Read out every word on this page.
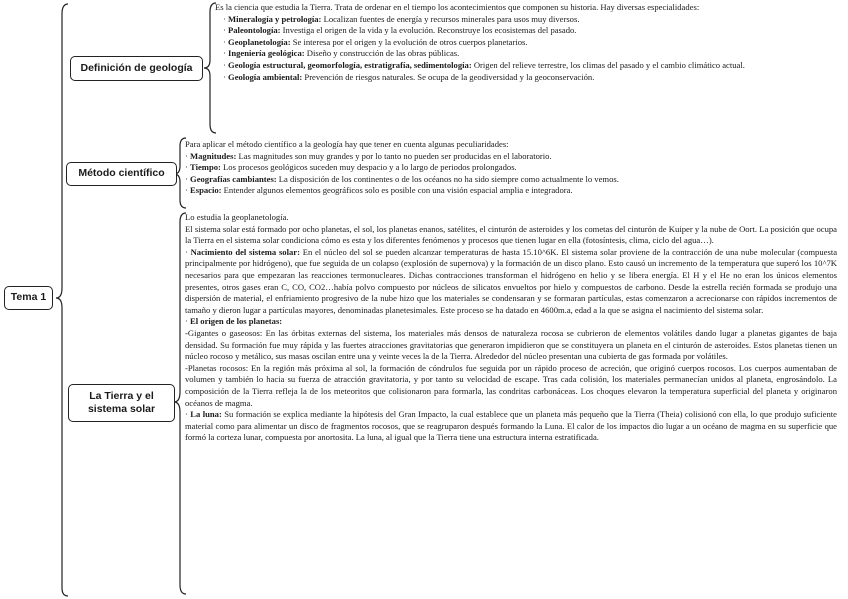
Tema 1
Definición de geología

Es la ciencia que estudia la Tierra. Trata de ordenar en el tiempo los acontecimientos que componen su historia. Hay diversas especialidades:

· Mineralogía y petrología: Localizan fuentes de energía y recursos minerales para usos muy diversos.

· Paleontología: Investiga el origen de la vida y la evolución. Reconstruye los ecosistemas del pasado.

· Geoplanetología: Se interesa por el origen y la evolución de otros cuerpos planetarios.

· Ingeniería geológica: Diseño y construcción de las obras públicas.

· Geología estructural, geomorfología, estratigrafía, sedimentología: Origen del relieve terrestre, los climas del pasado y el cambio climático actual.

· Geología ambiental: Prevención de riesgos naturales. Se ocupa de la geodiversidad y la geoconservación.

Método científico

Para aplicar el método científico a la geología hay que tener en cuenta algunas peculiaridades:

· Magnitudes: Las magnitudes son muy grandes y por lo tanto no pueden ser producidas en el laboratorio.

· Tiempo: Los procesos geológicos suceden muy despacio y a lo largo de periodos prolongados.

· Geografías cambiantes: La disposición de los continentes o de los océanos no ha sido siempre como actualmente lo vemos.

· Espacio: Entender algunos elementos geográficos solo es posible con una visión espacial amplia e integradora.

La Tierra y el sistema solar

Lo estudia la geoplanetología.

El sistema solar está formado por ocho planetas, el sol, los planetas enanos, satélites, el cinturón de asteroides y los cometas del cinturón de Kuiper y la nube de Oort. La posición que ocupa la Tierra en el sistema solar condiciona cómo es esta y los diferentes fenómenos y procesos que tienen lugar en ella (fotosíntesis, clima, ciclo del agua…).

· Nacimiento del sistema solar: En el núcleo del sol se pueden alcanzar temperaturas de hasta 15.10^6K. El sistema solar proviene de la contracción de una nube molecular (compuesta principalmente por hidrógeno), que fue seguida de un colapso (explosión de supernova) y la formación de un disco plano. Esto causó un incremento de la temperatura que superó los 10^7K necesarios para que empezaran las reacciones termonucleares. Dichas contracciones transforman el hidrógeno en helio y se libera energía. El H y el He no eran los únicos elementos presentes, otros gases eran C, CO, CO2…había polvo compuesto por núcleos de silicatos envueltos por hielo y compuestos de carbono. Desde la estrella recién formada se produjo una dispersión de material, el enfriamiento progresivo de la nube hizo que los materiales se condensaran y se formaran partículas, estas comenzaron a acrecionarse con rápidos incrementos de tamaño y dieron lugar a partículas mayores, denominadas planetesimales. Este proceso se ha datado en 4600m.a, edad a la que se asigna el nacimiento del sistema solar.

· El origen de los planetas:

-Gigantes o gaseosos: En las órbitas externas del sistema, los materiales más densos de naturaleza rocosa se cubrieron de elementos volátiles dando lugar a planetas gigantes de baja densidad. Su formación fue muy rápida y las fuertes atracciones gravitatorias que generaron impidieron que se constituyera un planeta en el cinturón de asteroides. Estos planetas tienen un núcleo rocoso y metálico, sus masas oscilan entre una y veinte veces la de la Tierra. Alrededor del núcleo presentan una cubierta de gas formada por volátiles.

-Planetas rocosos: En la región más próxima al sol, la formación de cóndrulos fue seguida por un rápido proceso de acreción, que originó cuerpos rocosos. Los cuerpos aumentaban de volumen y también lo hacia su fuerza de atracción gravitatoria, y por tanto su velocidad de escape. Tras cada colisión, los materiales permanecían unidos al planeta, engrosándolo. La composición de la Tierra refleja la de los meteoritos que colisionaron para formarla, las condritas carbonáceas. Los choques elevaron la temperatura superficial del planeta y originaron océanos de magma.

· La luna: Su formación se explica mediante la hipótesis del Gran Impacto, la cual establece que un planeta más pequeño que la Tierra (Theia) colisionó con ella, lo que produjo suficiente material como para alimentar un disco de fragmentos rocosos, que se reagruparon después formando la Luna. El calor de los impactos dio lugar a un océano de magma en su superficie que formó la corteza lunar, compuesta por anortosita. La luna, al igual que la Tierra tiene una estructura interna estratificada.
